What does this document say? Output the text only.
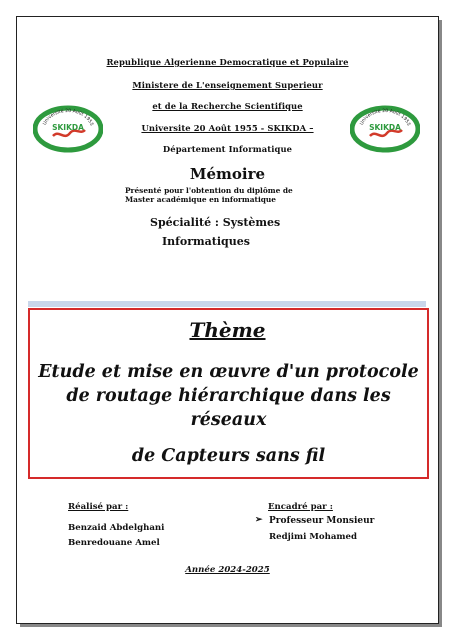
Republique Algerienne Democratique et Populaire
Ministere de L'enseignement Superieur
et de la Recherche Scientifique
Universite 20 Août 1955 - SKIKDA –
Département Informatique
Université 20 Août 1955
SKIKDA	Université 20 Août 1955
SKIKDA
Mémoire
Présenté pour l'obtention du diplôme de
Master académique en informatique
Spécialité : Systèmes
Informatiques
Thème
Etude et mise en œuvre d'un protocole
de routage hiérarchique dans les
réseaux
de Capteurs sans fil
Réalisé par :
Benzaid Abdelghani
Benredouane Amel
Encadré par :
➢ Professeur Monsieur
Redjimi Mohamed
Année 2024-2025
